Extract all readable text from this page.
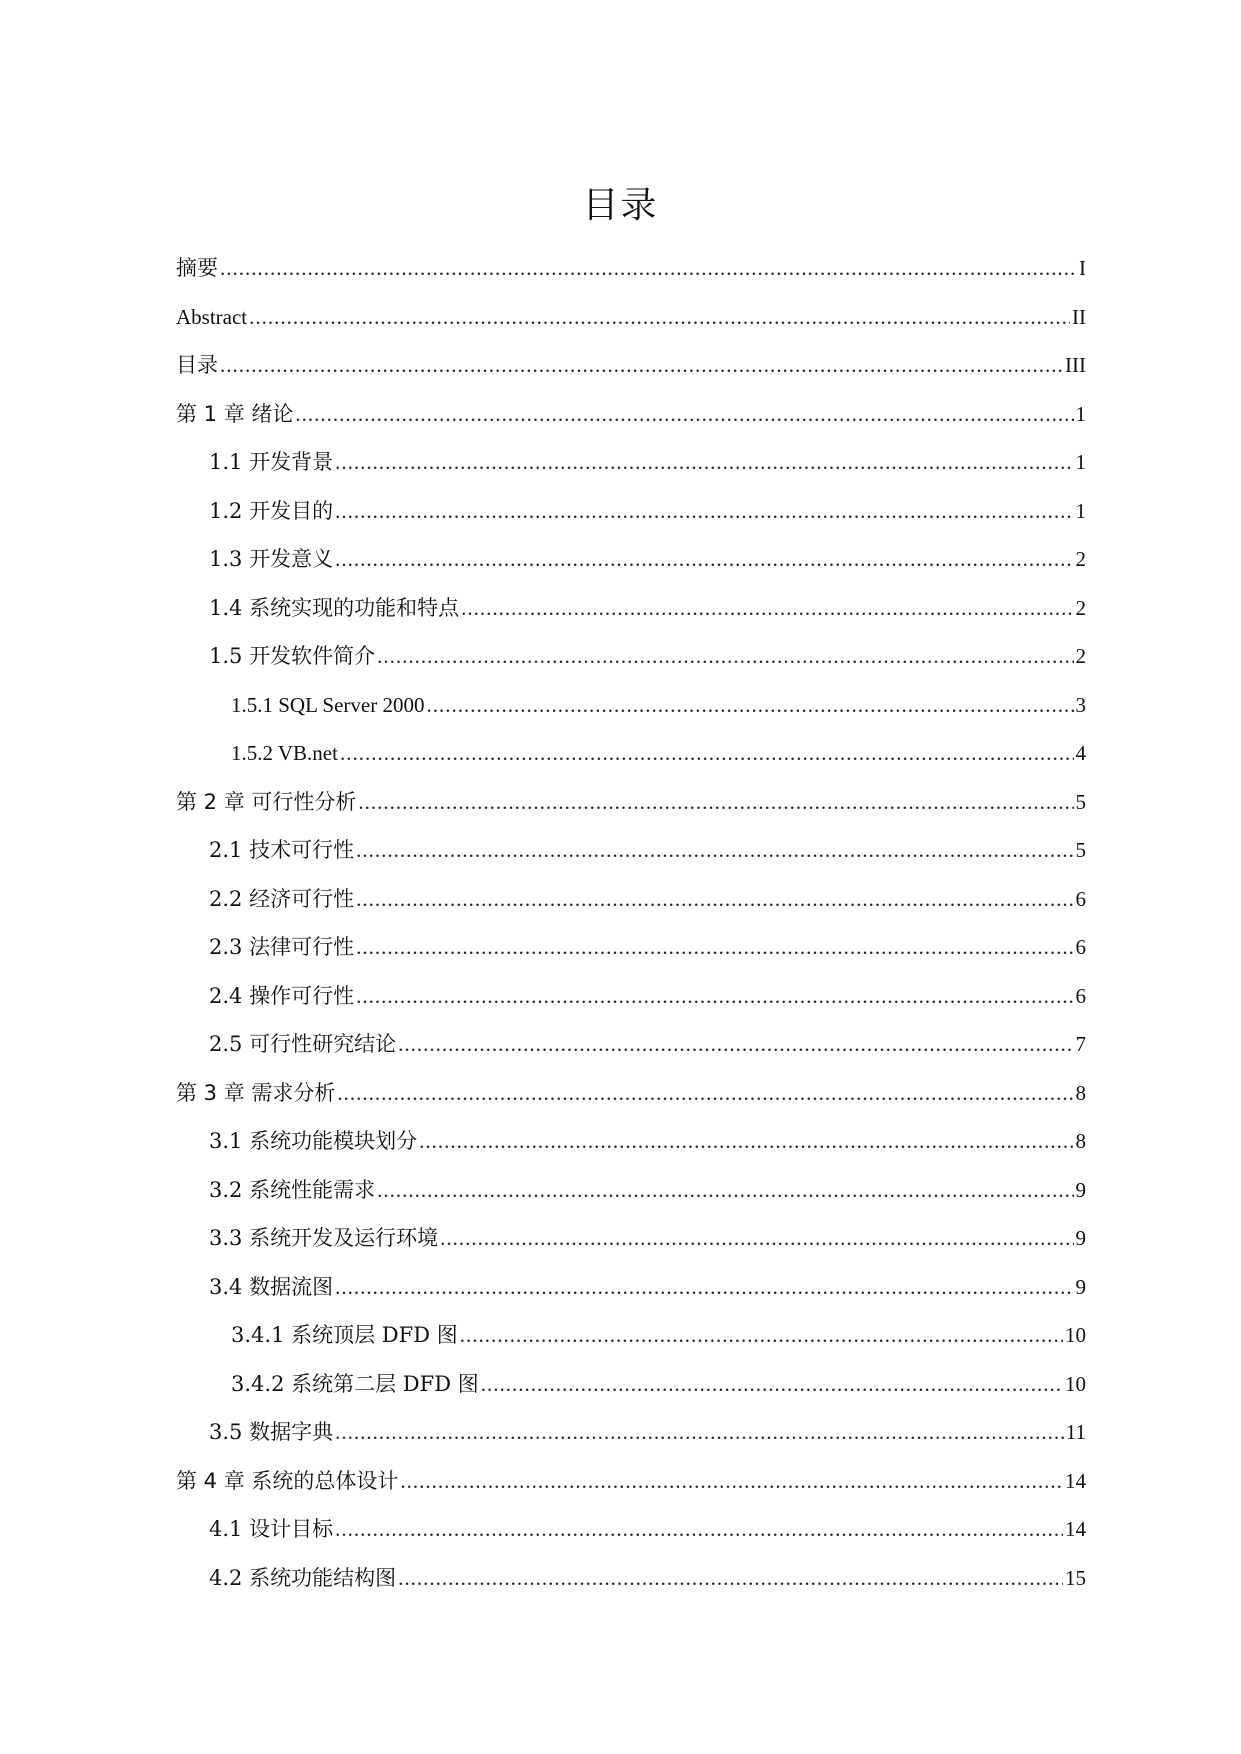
目录
摘要 .....	I
Abstract .....	II
目录 .....	III
第 1 章 绪论 .....	1
1.1 开发背景 .....	1
1.2 开发目的 .....	1
1.3 开发意义 .....	2
1.4 系统实现的功能和特点 .....	2
1.5 开发软件简介 .....	2
1.5.1 SQL Server 2000 .....	3
1.5.2 VB.net .....	4
第 2 章 可行性分析 .....	5
2.1 技术可行性 .....	5
2.2 经济可行性 .....	6
2.3 法律可行性 .....	6
2.4 操作可行性 .....	6
2.5 可行性研究结论 .....	7
第 3 章 需求分析 .....	8
3.1 系统功能模块划分 .....	8
3.2 系统性能需求 .....	9
3.3 系统开发及运行环境 .....	9
3.4 数据流图 .....	9
3.4.1 系统顶层 DFD 图 .....	10
3.4.2 系统第二层 DFD 图 .....	10
3.5 数据字典 .....	11
第 4 章 系统的总体设计 .....	14
4.1 设计目标 .....	14
4.2 系统功能结构图 .....	15
